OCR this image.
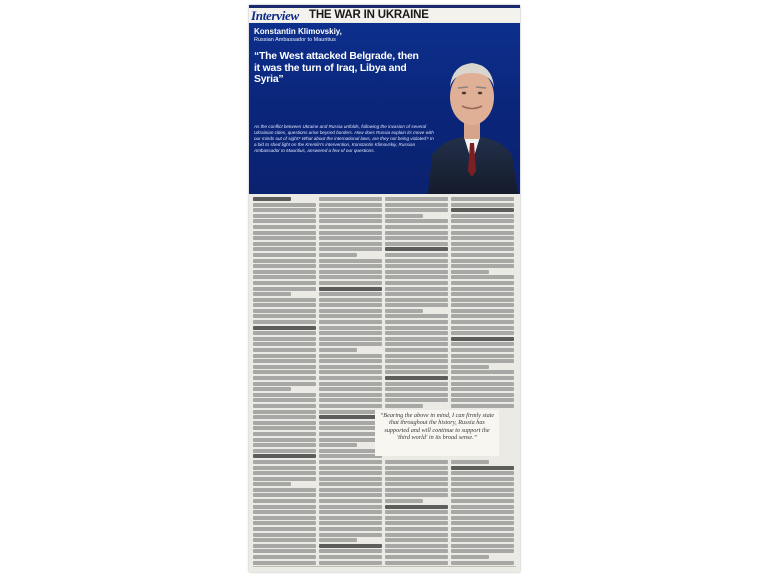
Interview THE WAR IN UKRAINE
Konstantin Klimovskiy,
Russian Ambassador to Mauritius
“The West attacked Belgrade, then it was the turn of Iraq, Libya and Syria”
As the conflict between Ukraine and Russia unfolds, following the invasion of several Ukrainian cities, questions arise beyond borders. How does Russia explain its move with our minds out of sight? What about the international laws, are they not being violated? In a bid to shed light on the Kremlin's intervention, Konstantin Klimovskiy, Russian Ambassador to Mauritius, answered a few of our questions.
“Bearing the above in mind, I can firmly state that throughout the history, Russia has supported and will continue to support the 'third world' in its broad sense.”
